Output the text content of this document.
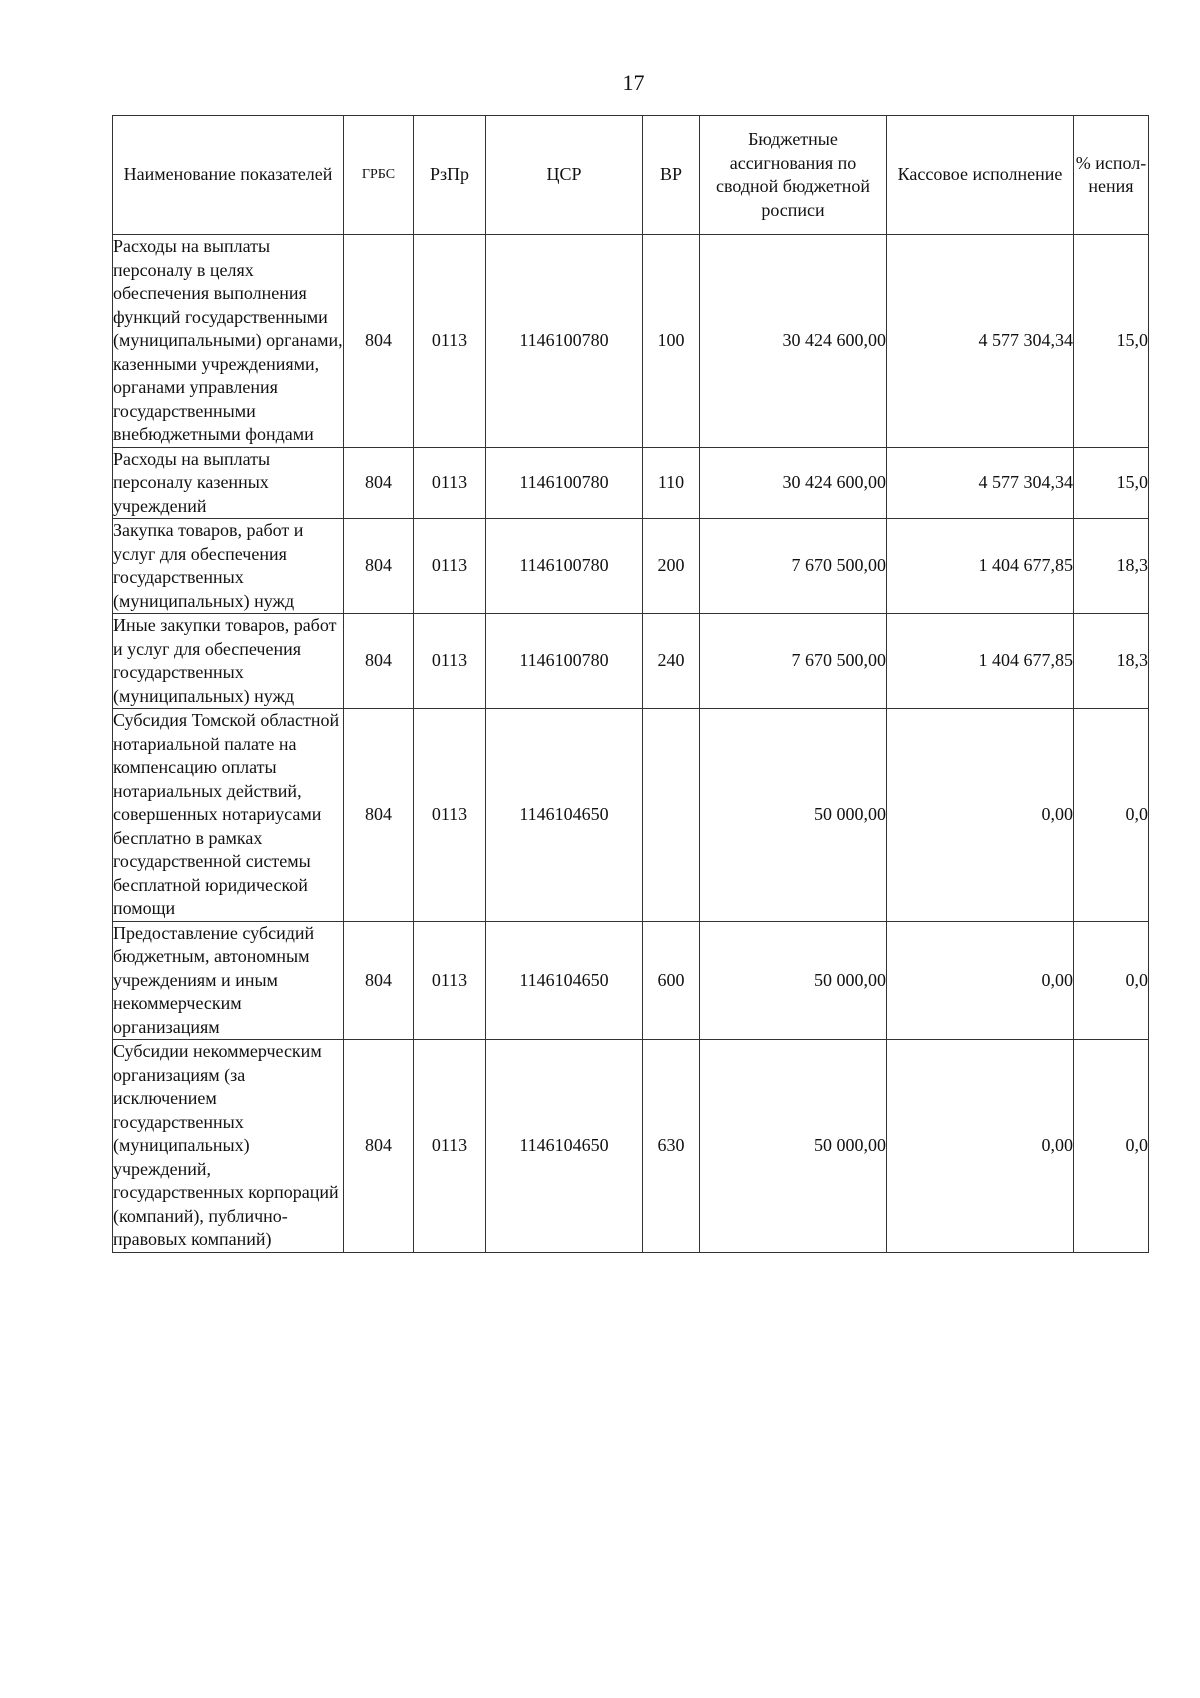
17
Наименование показателей	ГРБС	РзПр	ЦСР	ВР	Бюджетные ассигнования по сводной бюджетной росписи	Кассовое исполнение	% испол-нения
Расходы на выплаты персоналу в целях обеспечения выполнения функций государственными (муниципальными) органами, казенными учреждениями, органами управления государственными внебюджетными фондами	804	0113	1146100780	100	30 424 600,00	4 577 304,34	15,0
Расходы на выплаты персоналу казенных учреждений	804	0113	1146100780	110	30 424 600,00	4 577 304,34	15,0
Закупка товаров, работ и услуг для обеспечения государственных (муниципальных) нужд	804	0113	1146100780	200	7 670 500,00	1 404 677,85	18,3
Иные закупки товаров, работ и услуг для обеспечения государственных (муниципальных) нужд	804	0113	1146100780	240	7 670 500,00	1 404 677,85	18,3
Субсидия Томской областной нотариальной палате на компенсацию оплаты нотариальных действий, совершенных нотариусами бесплатно в рамках государственной системы бесплатной юридической помощи	804	0113	1146104650		50 000,00	0,00	0,0
Предоставление субсидий бюджетным, автономным учреждениям и иным некоммерческим организациям	804	0113	1146104650	600	50 000,00	0,00	0,0
Субсидии некоммерческим организациям (за исключением государственных (муниципальных) учреждений, государственных корпораций (компаний), публично-правовых компаний)	804	0113	1146104650	630	50 000,00	0,00	0,0
